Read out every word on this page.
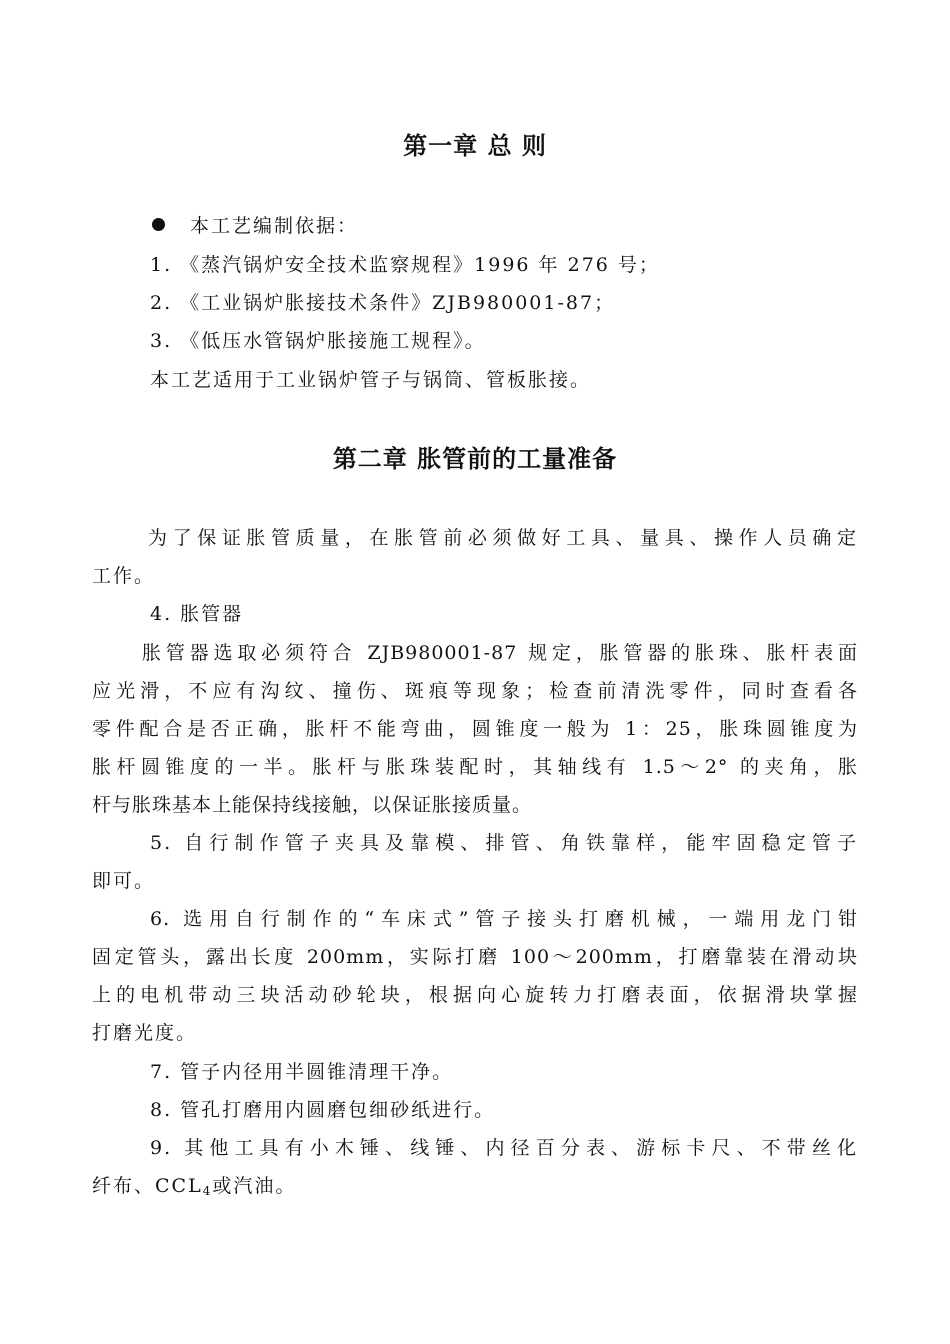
第一章 总 则
本工艺编制依据：
1. 《蒸汽锅炉安全技术监察规程》1996 年 276 号；
2. 《工业锅炉胀接技术条件》ZJB980001-87；
3. 《低压水管锅炉胀接施工规程》。
本工艺适用于工业锅炉管子与锅筒、管板胀接。
第二章 胀管前的工量准备
为了保证胀管质量，在胀管前必须做好工具、量具、操作人员确定
工作。
4. 胀管器
胀管器选取必须符合 ZJB980001-87 规定，胀管器的胀珠、胀杆表面
应光滑，不应有沟纹、撞伤、斑痕等现象；检查前清洗零件，同时查看各
零件配合是否正确，胀杆不能弯曲，圆锥度一般为 1：25，胀珠圆锥度为
胀杆圆锥度的一半。胀杆与胀珠装配时，其轴线有 1.5～2° 的夹角，胀
杆与胀珠基本上能保持线接触，以保证胀接质量。
5. 自行制作管子夹具及靠模、排管、角铁靠样，能牢固稳定管子
即可。
6. 选用自行制作的“车床式”管子接头打磨机械，一端用龙门钳
固定管头，露出长度 200mm，实际打磨 100～200mm，打磨靠装在滑动块
上的电机带动三块活动砂轮块，根据向心旋转力打磨表面，依据滑块掌握
打磨光度。
7. 管子内径用半圆锥清理干净。
8. 管孔打磨用内圆磨包细砂纸进行。
9. 其他工具有小木锤、线锤、内径百分表、游标卡尺、不带丝化
纤布、$CCL_4$或汽油。
